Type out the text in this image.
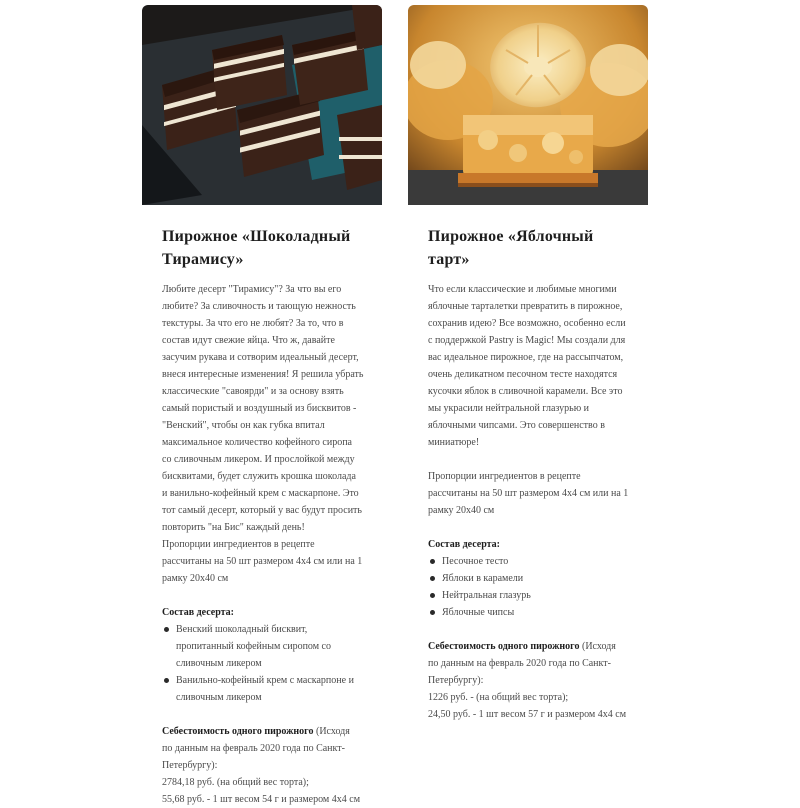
Пирожное «Шоколадный
Тирамису»

Любите десерт "Тирамису"? За что вы его
любите? За сливочность и тающую нежность
текстуры. За что его не любят? За то, что в
состав идут свежие яйца. Что ж, давайте
засучим рукава и сотворим идеальный десерт,
внеся интересные изменения! Я решила убрать
классические "савоярди" и за основу взять
самый пористый и воздушный из бисквитов -
"Венский", чтобы он как губка впитал
максимальное количество кофейного сиропа
со сливочным ликером. И прослойкой между
бисквитами, будет служить крошка шоколада
и ванильно-кофейный крем с маскарпоне. Это
тот самый десерт, который у вас будут просить
повторить "на Бис" каждый день!
Пропорции ингредиентов в рецепте
рассчитаны на 50 шт размером 4х4 см или на 1
рамку 20х40 см

Состав десерта:

Венский шоколадный бисквит,
пропитанный кофейным сиропом со
сливочным ликером
Ванильно-кофейный крем с маскарпоне и
сливочным ликером

Себестоимость одного пирожного (Исходя
по данным на февраль 2020 года по Санкт-
Петербургу):
2784,18 руб. (на общий вес торта);
55,68 руб. - 1 шт весом 54 г и размером 4х4 см

Пирожное «Яблочный
тарт»

Что если классические и любимые многими
яблочные тарталетки превратить в пирожное,
сохранив идею? Все возможно, особенно если
с поддержкой Pastry is Magic! Мы создали для
вас идеальное пирожное, где на рассыпчатом,
очень деликатном песочном тесте находятся
кусочки яблок в сливочной карамели. Все это
мы украсили нейтральной глазурью и
яблочными чипсами. Это совершенство в
миниатюре!

Пропорции ингредиентов в рецепте
рассчитаны на 50 шт размером 4х4 см или на 1
рамку 20х40 см

Состав десерта:

Песочное тесто
Яблоки в карамели
Нейтральная глазурь
Яблочные чипсы

Себестоимость одного пирожного (Исходя
по данным на февраль 2020 года по Санкт-
Петербургу):
1226 руб. - (на общий вес торта);
24,50 руб. - 1 шт весом 57 г и размером 4х4 см
